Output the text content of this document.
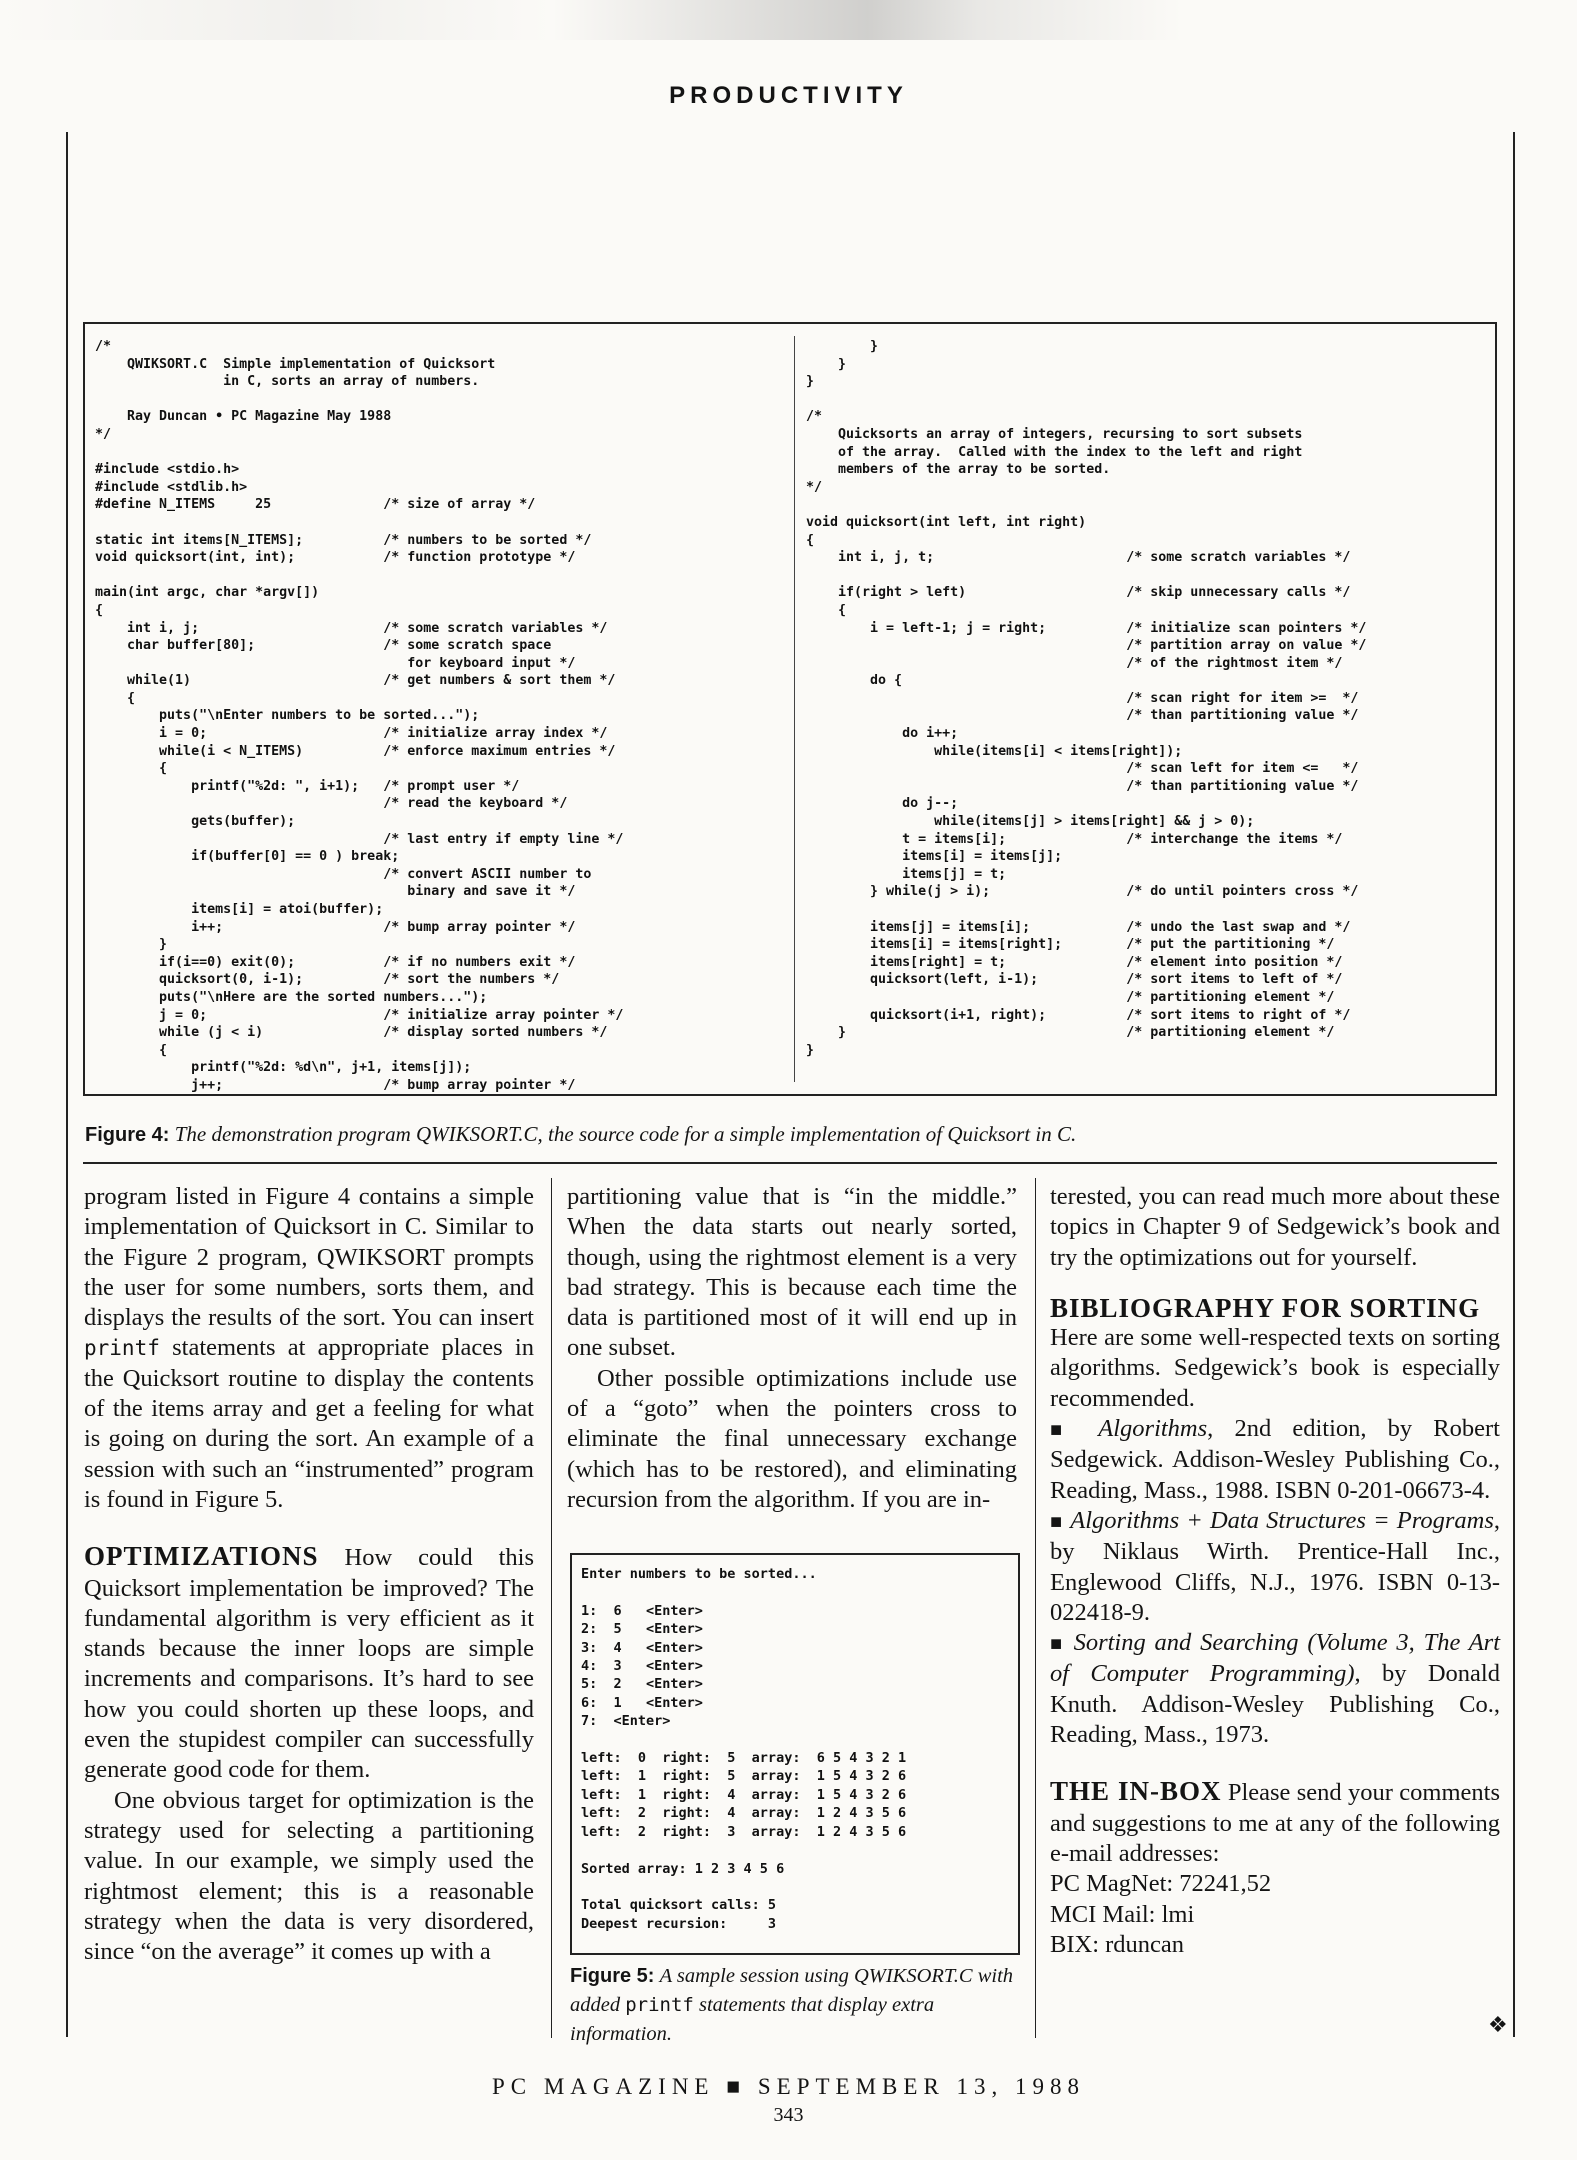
PRODUCTIVITY
/*
QWIKSORT.C  Simple implementation of Quicksort
in C, sorts an array of numbers.

Ray Duncan • PC Magazine May 1988
*/

#include <stdio.h>
#include <stdlib.h>
#define N_ITEMS     25              /* size of array */

static int items[N_ITEMS];          /* numbers to be sorted */
void quicksort(int, int);           /* function prototype */

main(int argc, char *argv[])
{
int i, j;                       /* some scratch variables */
char buffer[80];                /* some scratch space
for keyboard input */
while(1)                        /* get numbers & sort them */
{
puts("\nEnter numbers to be sorted...");
i = 0;                      /* initialize array index */
while(i < N_ITEMS)          /* enforce maximum entries */
{
printf("%2d: ", i+1);   /* prompt user */
/* read the keyboard */
gets(buffer);
/* last entry if empty line */
if(buffer[0] == 0 ) break;
/* convert ASCII number to
binary and save it */
items[i] = atoi(buffer);
i++;                    /* bump array pointer */
}
if(i==0) exit(0);           /* if no numbers exit */
quicksort(0, i-1);          /* sort the numbers */
puts("\nHere are the sorted numbers...");
j = 0;                      /* initialize array pointer */
while (j < i)               /* display sorted numbers */
{
printf("%2d: %d\n", j+1, items[j]);
j++;                    /* bump array pointer */
}
}
}

/*
Quicksorts an array of integers, recursing to sort subsets
of the array.  Called with the index to the left and right
members of the array to be sorted.
*/

void quicksort(int left, int right)
{
int i, j, t;                        /* some scratch variables */

if(right > left)                    /* skip unnecessary calls */
{
i = left-1; j = right;          /* initialize scan pointers */
/* partition array on value */
/* of the rightmost item */
do {
/* scan right for item >=  */
/* than partitioning value */
do i++;
while(items[i] < items[right]);
/* scan left for item <=   */
/* than partitioning value */
do j--;
while(items[j] > items[right] && j > 0);
t = items[i];               /* interchange the items */
items[i] = items[j];
items[j] = t;
} while(j > i);                 /* do until pointers cross */

items[j] = items[i];            /* undo the last swap and */
items[i] = items[right];        /* put the partitioning */
items[right] = t;               /* element into position */
quicksort(left, i-1);           /* sort items to left of */
/* partitioning element */
quicksort(i+1, right);          /* sort items to right of */
}                                   /* partitioning element */
}
Figure 4: The demonstration program QWIKSORT.C, the source code for a simple implementation of Quicksort in C.

program listed in Figure 4 contains a simple implementation of Quicksort in C. Similar to the Figure 2 program, QWIKSORT prompts the user for some numbers, sorts them, and displays the results of the sort. You can insert printf statements at appropriate places in the Quicksort routine to display the contents of the items array and get a feeling for what is going on during the sort. An example of a session with such an “instrumented” program is found in Figure 5.

OPTIMIZATIONS How could this Quicksort implementation be improved? The fundamental algorithm is very efficient as it stands because the inner loops are simple increments and comparisons. It’s hard to see how you could shorten up these loops, and even the stupidest compiler can successfully generate good code for them.

One obvious target for optimization is the strategy used for selecting a partitioning value. In our example, we simply used the rightmost element; this is a reasonable strategy when the data is very disordered, since “on the average” it comes up with a

partitioning value that is “in the middle.” When the data starts out nearly sorted, though, using the rightmost element is a very bad strategy. This is because each time the data is partitioned most of it will end up in one subset.

Other possible optimizations include use of a “goto” when the pointers cross to eliminate the final unnecessary exchange (which has to be restored), and eliminating recursion from the algorithm. If you are in-

Enter numbers to be sorted...

1:  6   <Enter>
2:  5   <Enter>
3:  4   <Enter>
4:  3   <Enter>
5:  2   <Enter>
6:  1   <Enter>
7:  <Enter>

left:  0  right:  5  array:  6 5 4 3 2 1
left:  1  right:  5  array:  1 5 4 3 2 6
left:  1  right:  4  array:  1 5 4 3 2 6
left:  2  right:  4  array:  1 2 4 3 5 6
left:  2  right:  3  array:  1 2 4 3 5 6

Sorted array: 1 2 3 4 5 6

Total quicksort calls: 5
Deepest recursion:     3
Figure 5: A sample session using QWIKSORT.C with added printf statements that display extra information.

terested, you can read much more about these topics in Chapter 9 of Sedgewick’s book and try the optimizations out for yourself.

BIBLIOGRAPHY FOR SORTING

Here are some well-respected texts on sorting algorithms. Sedgewick’s book is especially recommended.

■ Algorithms, 2nd edition, by Robert Sedgewick. Addison-Wesley Publishing Co., Reading, Mass., 1988. ISBN 0-201-06673-4.

■ Algorithms + Data Structures = Programs, by Niklaus Wirth. Prentice-Hall Inc., Englewood Cliffs, N.J., 1976. ISBN 0-13-022418-9.

■ Sorting and Searching (Volume 3, The Art of Computer Programming), by Donald Knuth. Addison-Wesley Publishing Co., Reading, Mass., 1973.

THE IN-BOX Please send your comments and suggestions to me at any of the following e-mail addresses:

PC MagNet: 72241,52

MCI Mail: lmi

BIX: rduncan

❖
PC MAGAZINE ■ SEPTEMBER 13, 1988
343
